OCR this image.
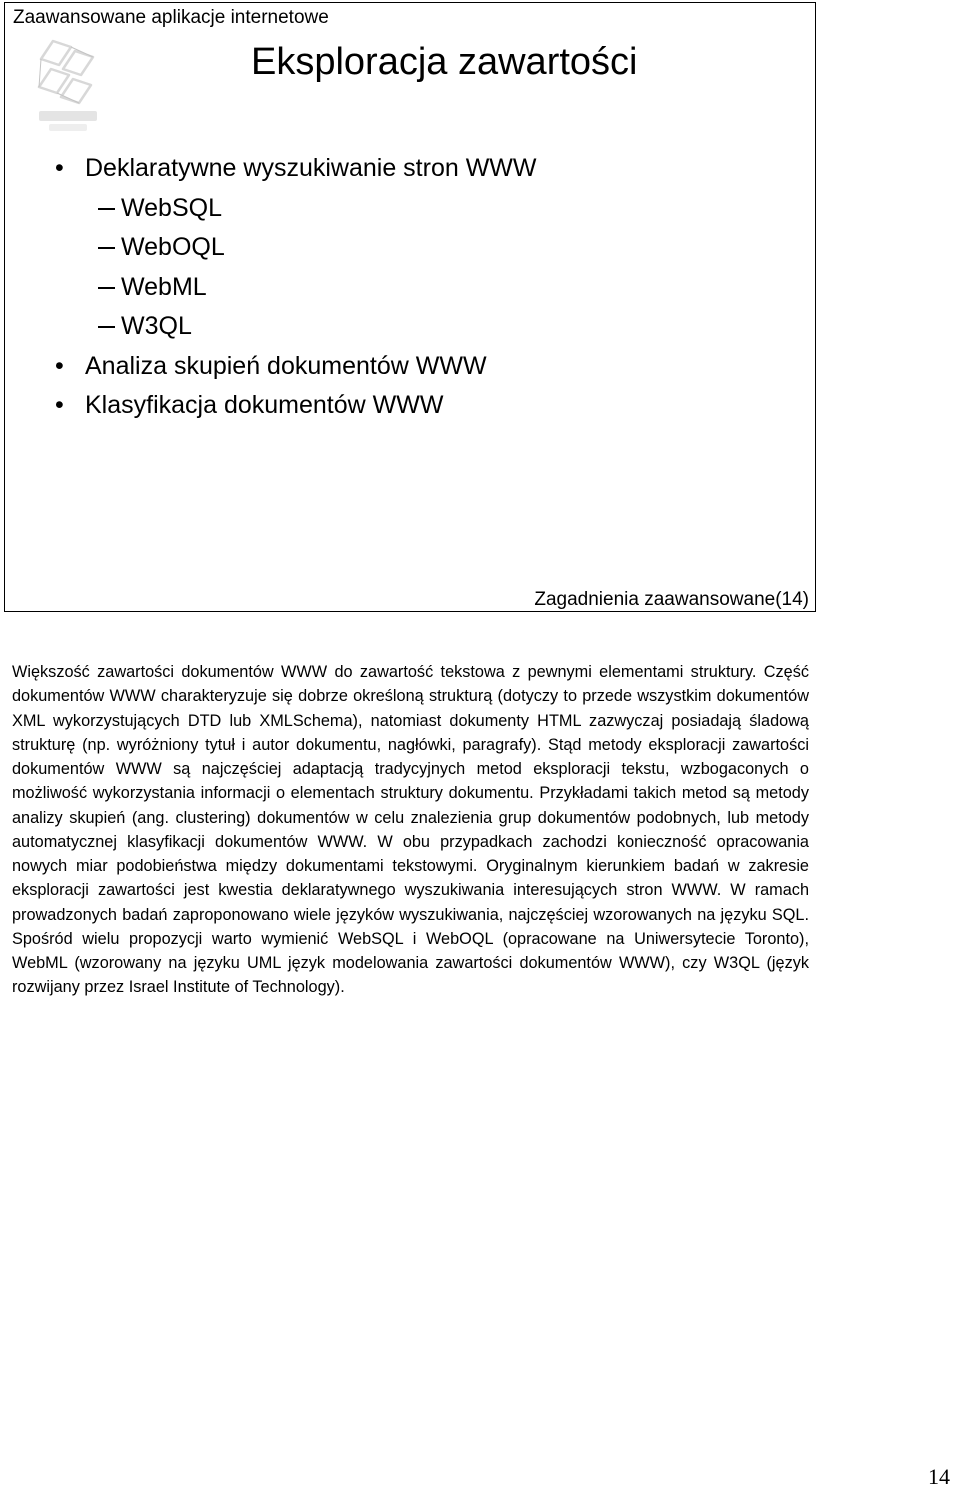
Zaawansowane aplikacje internetowe
Eksploracja zawartości
• Deklaratywne wyszukiwanie stron WWW
WebSQL
WebOQL
WebML
W3QL
• Analiza skupień dokumentów WWW
• Klasyfikacja dokumentów WWW
Zagadnienia zaawansowane(14)

Większość zawartości dokumentów WWW do zawartość tekstowa z pewnymi elementami struktury. Część dokumentów WWW charakteryzuje się dobrze określoną strukturą (dotyczy to przede wszystkim dokumentów XML wykorzystujących DTD lub XMLSchema), natomiast dokumenty HTML zazwyczaj posiadają śladową strukturę (np. wyróżniony tytuł i autor dokumentu, nagłówki, paragrafy). Stąd metody eksploracji zawartości dokumentów WWW są najczęściej adaptacją tradycyjnych metod eksploracji tekstu, wzbogaconych o możliwość wykorzystania informacji o elementach struktury dokumentu. Przykładami takich metod są metody analizy skupień (ang. clustering) dokumentów w celu znalezienia grup dokumentów podobnych, lub metody automatycznej klasyfikacji dokumentów WWW. W obu przypadkach zachodzi konieczność opracowania nowych miar podobieństwa między dokumentami tekstowymi. Oryginalnym kierunkiem badań w zakresie eksploracji zawartości jest kwestia deklaratywnego wyszukiwania interesujących stron WWW. W ramach prowadzonych badań zaproponowano wiele języków wyszukiwania, najczęściej wzorowanych na języku SQL. Spośród wielu propozycji warto wymienić WebSQL i WebOQL (opracowane na Uniwersytecie Toronto), WebML (wzorowany na języku UML język modelowania zawartości dokumentów WWW), czy W3QL (język rozwijany przez Israel Institute of Technology).

14
